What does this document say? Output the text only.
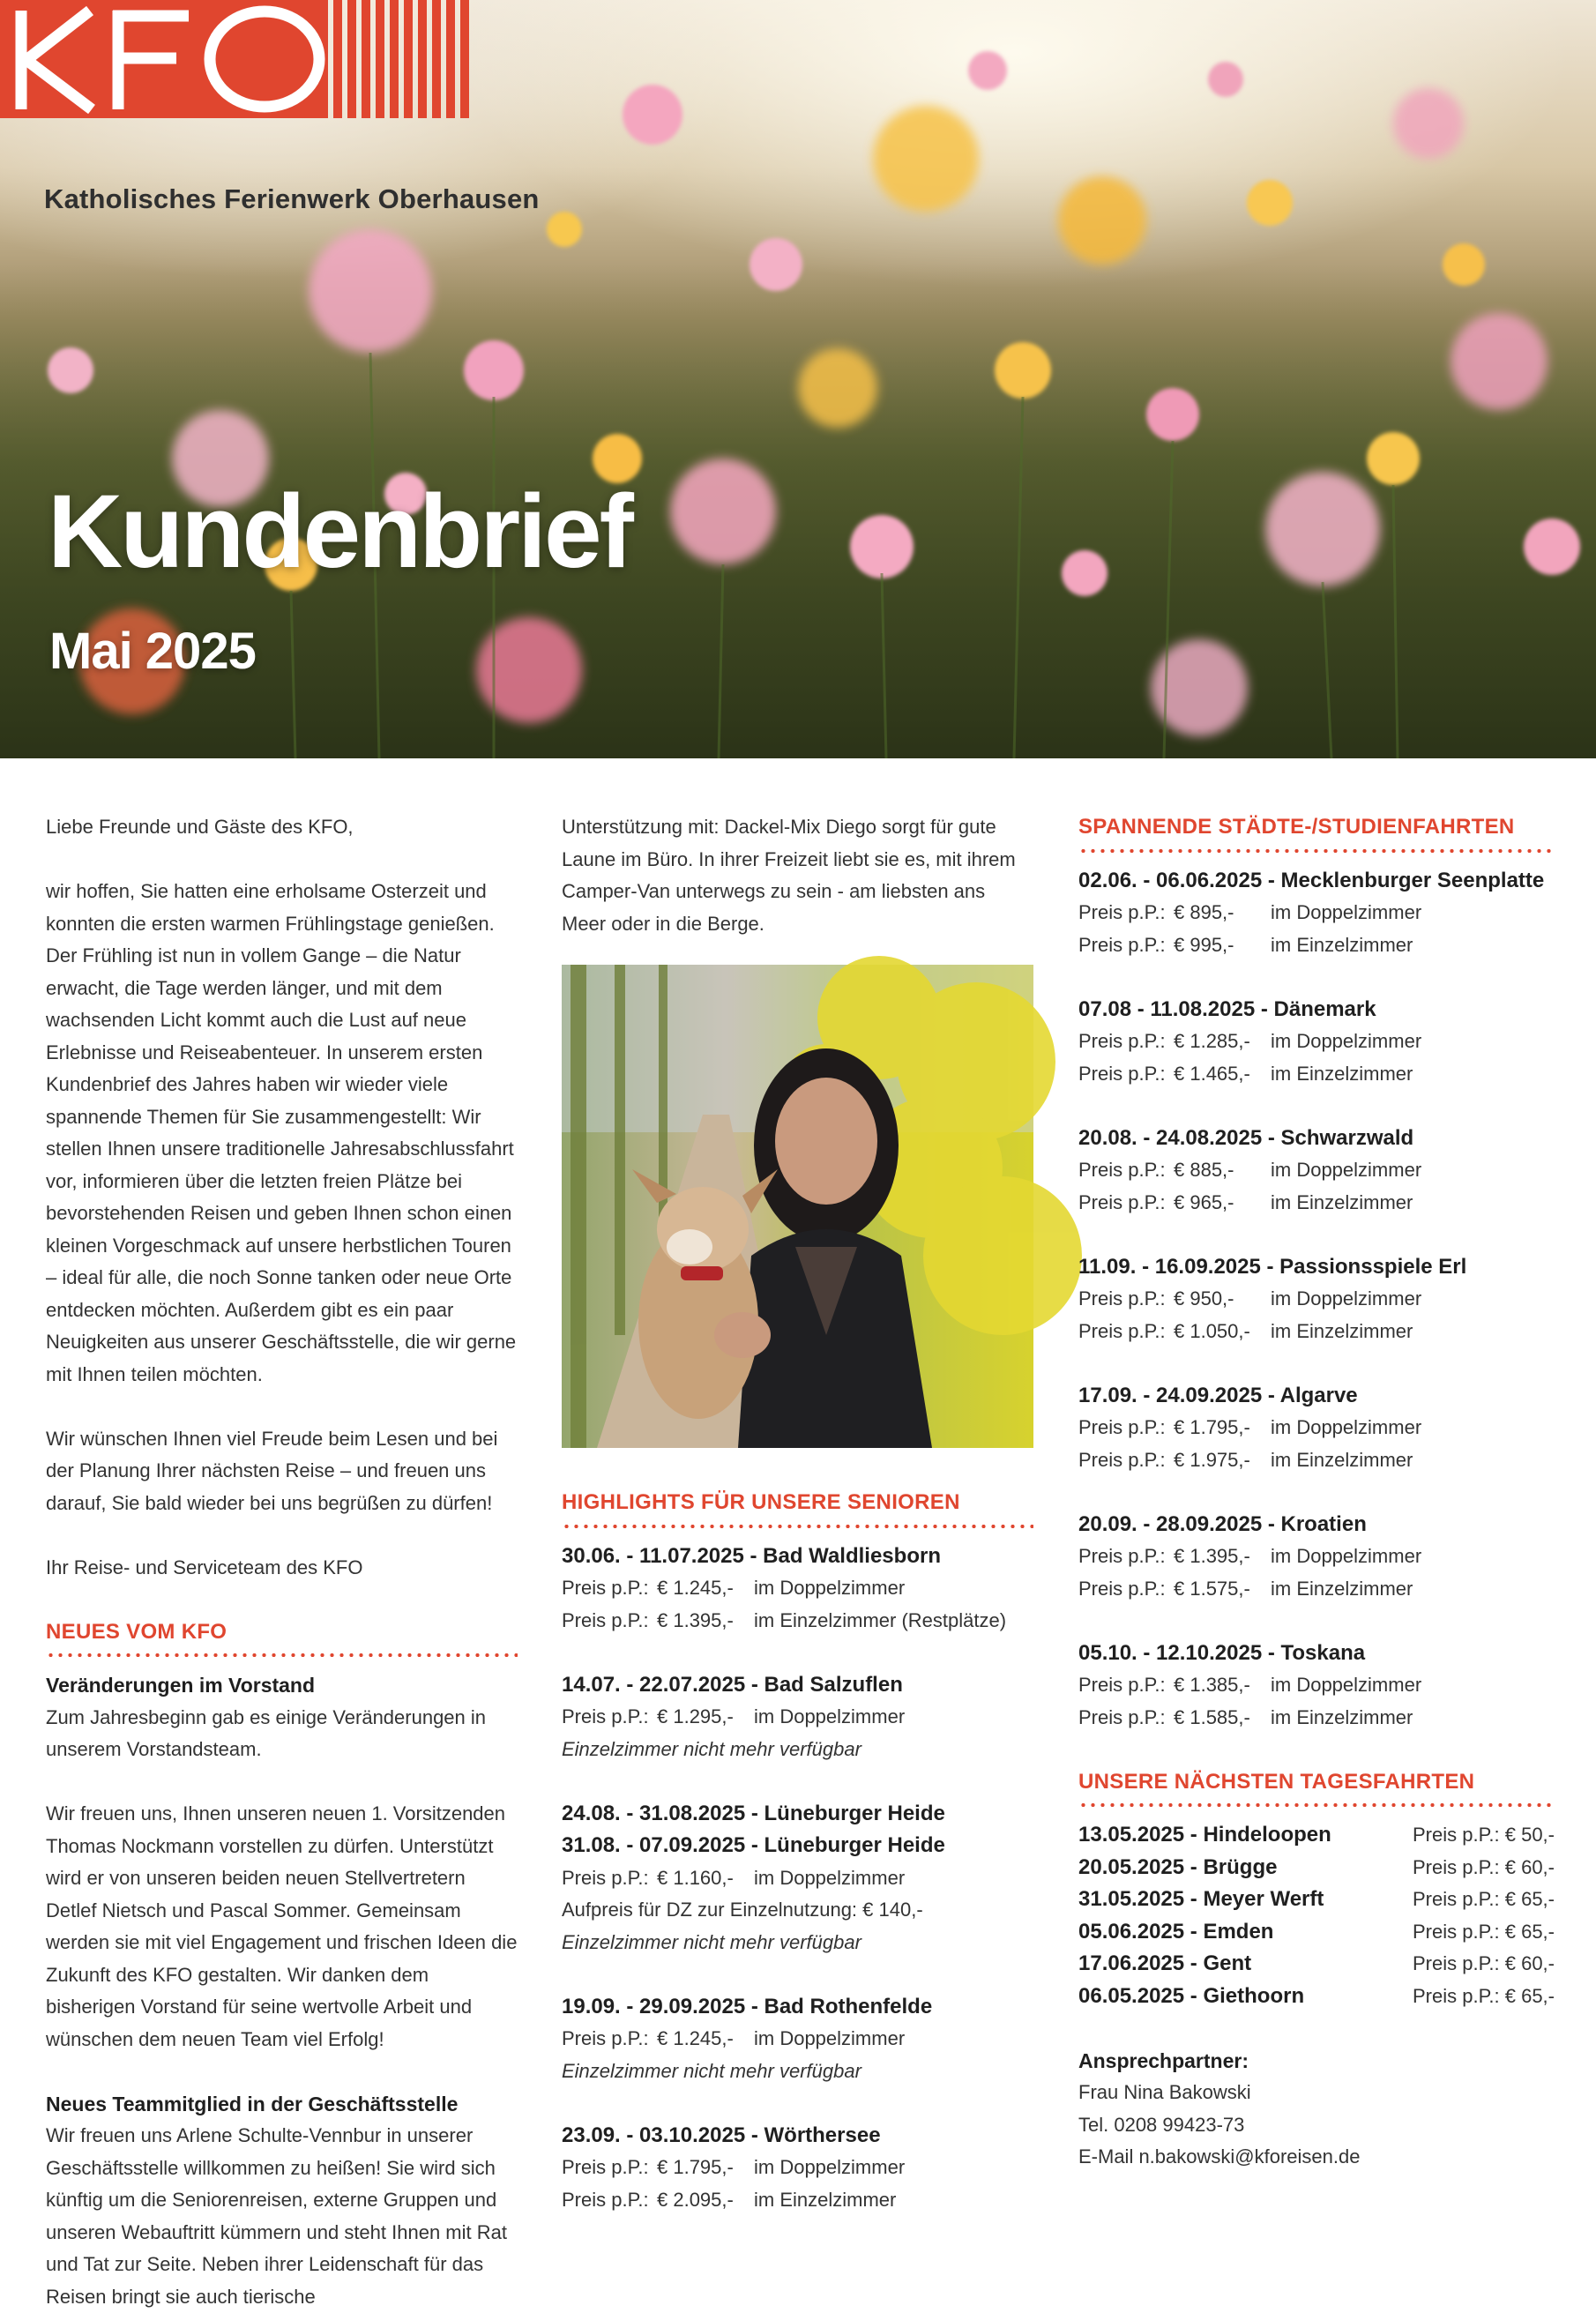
Katholisches Ferienwerk Oberhausen
Kundenbrief
Mai 2025
Liebe Freunde und Gäste des KFO,
wir hoffen, Sie hatten eine erholsame Osterzeit und konnten die ersten warmen Frühlingstage genießen. Der Frühling ist nun in vollem Gange – die Natur erwacht, die Tage werden länger, und mit dem wachsenden Licht kommt auch die Lust auf neue Erlebnisse und Reiseabenteuer. In unserem ersten Kundenbrief des Jahres haben wir wieder viele spannende Themen für Sie zusammengestellt: Wir stellen Ihnen unsere traditionelle Jahresabschlussfahrt vor, informieren über die letzten freien Plätze bei bevorstehenden Reisen und geben Ihnen schon einen kleinen Vorgeschmack auf unsere herbstlichen Touren – ideal für alle, die noch Sonne tanken oder neue Orte entdecken möchten. Außerdem gibt es ein paar Neuigkeiten aus unserer Geschäftsstelle, die wir gerne mit Ihnen teilen möchten.
Wir wünschen Ihnen viel Freude beim Lesen und bei der Planung Ihrer nächsten Reise – und freuen uns darauf, Sie bald wieder bei uns begrüßen zu dürfen!
Ihr Reise- und Serviceteam des KFO
NEUES VOM KFO
Veränderungen im Vorstand
Zum Jahresbeginn gab es einige Veränderungen in unserem Vorstandsteam.
Wir freuen uns, Ihnen unseren neuen 1. Vorsitzenden Thomas Nockmann vorstellen zu dürfen. Unterstützt wird er von unseren beiden neuen Stellvertretern Detlef Nietsch und Pascal Sommer. Gemeinsam werden sie mit viel Engagement und frischen Ideen die Zukunft des KFO gestalten. Wir danken dem bisherigen Vorstand für seine wertvolle Arbeit und wünschen dem neuen Team viel Erfolg!
Neues Teammitglied in der Geschäftsstelle
Wir freuen uns Arlene Schulte-Vennbur in unserer Geschäftsstelle willkommen zu heißen! Sie wird sich künftig um die Seniorenreisen, externe Gruppen und unseren Webauftritt kümmern und steht Ihnen mit Rat und Tat zur Seite. Neben ihrer Leidenschaft für das Reisen bringt sie auch tierische
Unterstützung mit: Dackel-Mix Diego sorgt für gute Laune im Büro. In ihrer Freizeit liebt sie es, mit ihrem Camper-Van unterwegs zu sein - am liebsten ans Meer oder in die Berge.
HIGHLIGHTS FÜR UNSERE SENIOREN
30.06. - 11.07.2025 - Bad Waldliesborn
Preis p.P.: € 1.245,-	im Doppelzimmer
Preis p.P.: € 1.395,-	im Einzelzimmer (Restplätze)
14.07. - 22.07.2025 - Bad Salzuflen
Preis p.P.: € 1.295,-	im Doppelzimmer
Einzelzimmer nicht mehr verfügbar
24.08. - 31.08.2025 - Lüneburger Heide
31.08. - 07.09.2025 - Lüneburger Heide
Preis p.P.: € 1.160,-	im Doppelzimmer
Aufpreis für DZ zur Einzelnutzung: € 140,-
Einzelzimmer nicht mehr verfügbar
19.09. - 29.09.2025 - Bad Rothenfelde
Preis p.P.: € 1.245,-	im Doppelzimmer
Einzelzimmer nicht mehr verfügbar
23.09. - 03.10.2025 - Wörthersee
Preis p.P.: € 1.795,-	im Doppelzimmer
Preis p.P.: € 2.095,-	im Einzelzimmer
SPANNENDE STÄDTE-/STUDIENFAHRTEN
02.06. - 06.06.2025 - Mecklenburger Seenplatte
Preis p.P.: € 895,-	im Doppelzimmer
Preis p.P.: € 995,-	im Einzelzimmer
07.08 - 11.08.2025 - Dänemark
Preis p.P.: € 1.285,-	im Doppelzimmer
Preis p.P.: € 1.465,-	im Einzelzimmer
20.08. - 24.08.2025 - Schwarzwald
Preis p.P.: € 885,-	im Doppelzimmer
Preis p.P.: € 965,-	im Einzelzimmer
11.09. - 16.09.2025 - Passionsspiele Erl
Preis p.P.: € 950,-	im Doppelzimmer
Preis p.P.: € 1.050,-	im Einzelzimmer
17.09. - 24.09.2025 - Algarve
Preis p.P.: € 1.795,-	im Doppelzimmer
Preis p.P.: € 1.975,-	im Einzelzimmer
20.09. - 28.09.2025 - Kroatien
Preis p.P.: € 1.395,-	im Doppelzimmer
Preis p.P.: € 1.575,-	im Einzelzimmer
05.10. - 12.10.2025 - Toskana
Preis p.P.: € 1.385,-	im Doppelzimmer
Preis p.P.: € 1.585,-	im Einzelzimmer
UNSERE NÄCHSTEN TAGESFAHRTEN
13.05.2025 - Hindeloopen	Preis p.P.: € 50,-
20.05.2025 - Brügge	Preis p.P.: € 60,-
31.05.2025 - Meyer Werft	Preis p.P.: € 65,-
05.06.2025 - Emden	Preis p.P.: € 65,-
17.06.2025 - Gent	Preis p.P.: € 60,-
06.05.2025 - Giethoorn	Preis p.P.: € 65,-
Ansprechpartner:
Frau Nina Bakowski
Tel. 0208 99423-73
E-Mail n.bakowski@kforeisen.de
